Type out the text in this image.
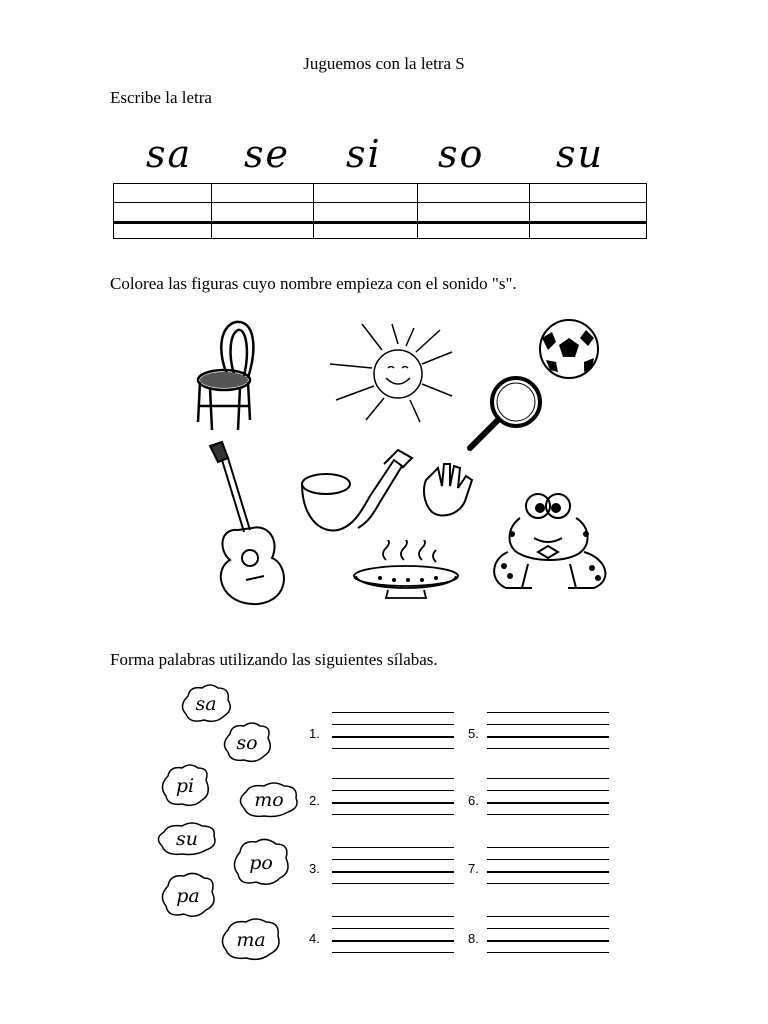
Juguemos con la letra S
Escribe la letra
sa se si so su

Colorea las figuras cuyo nombre empieza con el sonido "s".
Forma palabras utilizando las siguientes sílabas.
sa
so
pi
mo
su
po
pa
ma
1.
2.
3.
4.
5.
6.
7.
8.
